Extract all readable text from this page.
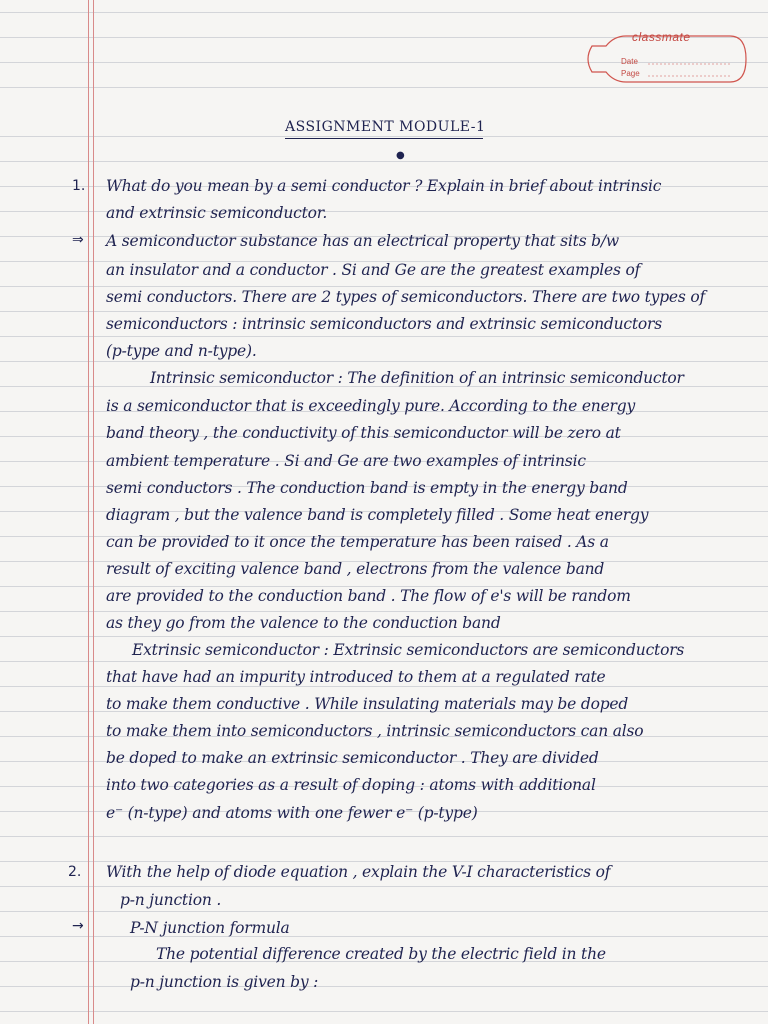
classmate
Date
Page
ASSIGNMENT MODULE-1
●
1.
⇒
2.
→
What do you mean by a semi conductor ? Explain in brief about intrinsic
and extrinsic semiconductor.
A semiconductor substance has an electrical property that sits b/w
an insulator and a conductor . Si and Ge are the greatest examples of
semi conductors. There are 2 types of semiconductors. There are two types of
semiconductors : intrinsic semiconductors and extrinsic semiconductors
(p-type and n-type).
Intrinsic semiconductor : The definition of an intrinsic semiconductor
is a semiconductor that is exceedingly pure. According to the energy
band theory , the conductivity of this semiconductor will be zero at
ambient temperature . Si and Ge are two examples of intrinsic
semi conductors . The conduction band is empty in the energy band
diagram , but the valence band is completely filled . Some heat energy
can be provided to it once the temperature has been raised . As a
result of exciting valence band , electrons from the valence band
are provided to the conduction band . The flow of e's will be random
as they go from the valence to the conduction band
Extrinsic semiconductor : Extrinsic semiconductors are semiconductors
that have had an impurity introduced to them at a regulated rate
to make them conductive . While insulating materials may be doped
to make them into semiconductors , intrinsic semiconductors can also
be doped to make an extrinsic semiconductor . They are divided
into two categories as a result of doping : atoms with additional
e⁻ (n-type) and atoms with one fewer e⁻ (p-type)
With the help of diode equation , explain the V-I characteristics of
p-n junction .
P-N junction formula
The potential difference created by the electric field in the
p-n junction is given by :
